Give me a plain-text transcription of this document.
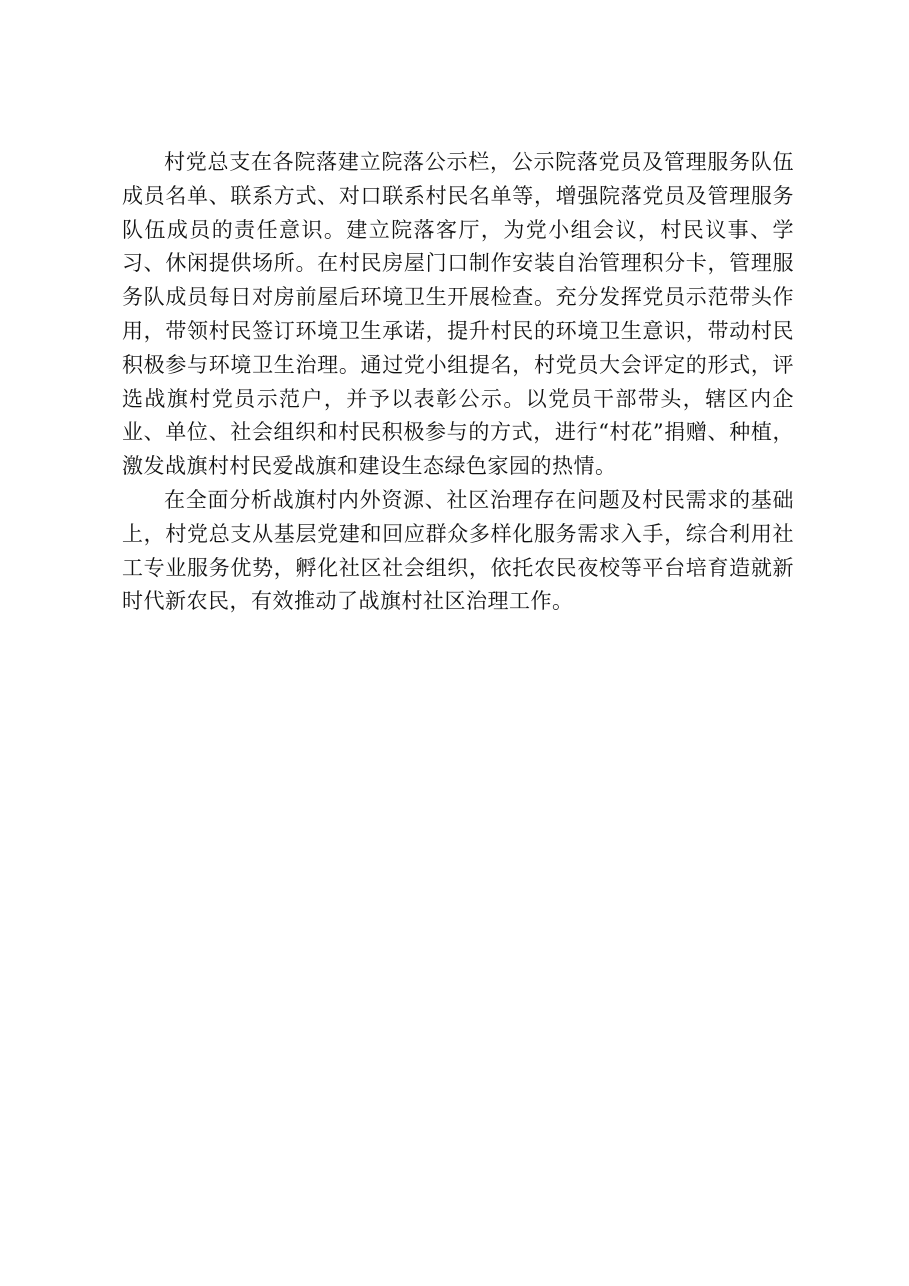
村党总支在各院落建立院落公示栏，公示院落党员及管理服务队伍成员名单、联系方式、对口联系村民名单等，增强院落党员及管理服务队伍成员的责任意识。建立院落客厅，为党小组会议，村民议事、学习、休闲提供场所。在村民房屋门口制作安装自治管理积分卡，管理服务队成员每日对房前屋后环境卫生开展检查。充分发挥党员示范带头作用，带领村民签订环境卫生承诺，提升村民的环境卫生意识，带动村民积极参与环境卫生治理。通过党小组提名，村党员大会评定的形式，评选战旗村党员示范户，并予以表彰公示。以党员干部带头，辖区内企业、单位、社会组织和村民积极参与的方式，进行“村花”捐赠、种植，激发战旗村村民爱战旗和建设生态绿色家园的热情。

在全面分析战旗村内外资源、社区治理存在问题及村民需求的基础上，村党总支从基层党建和回应群众多样化服务需求入手，综合利用社工专业服务优势，孵化社区社会组织，依托农民夜校等平台培育造就新时代新农民，有效推动了战旗村社区治理工作。
